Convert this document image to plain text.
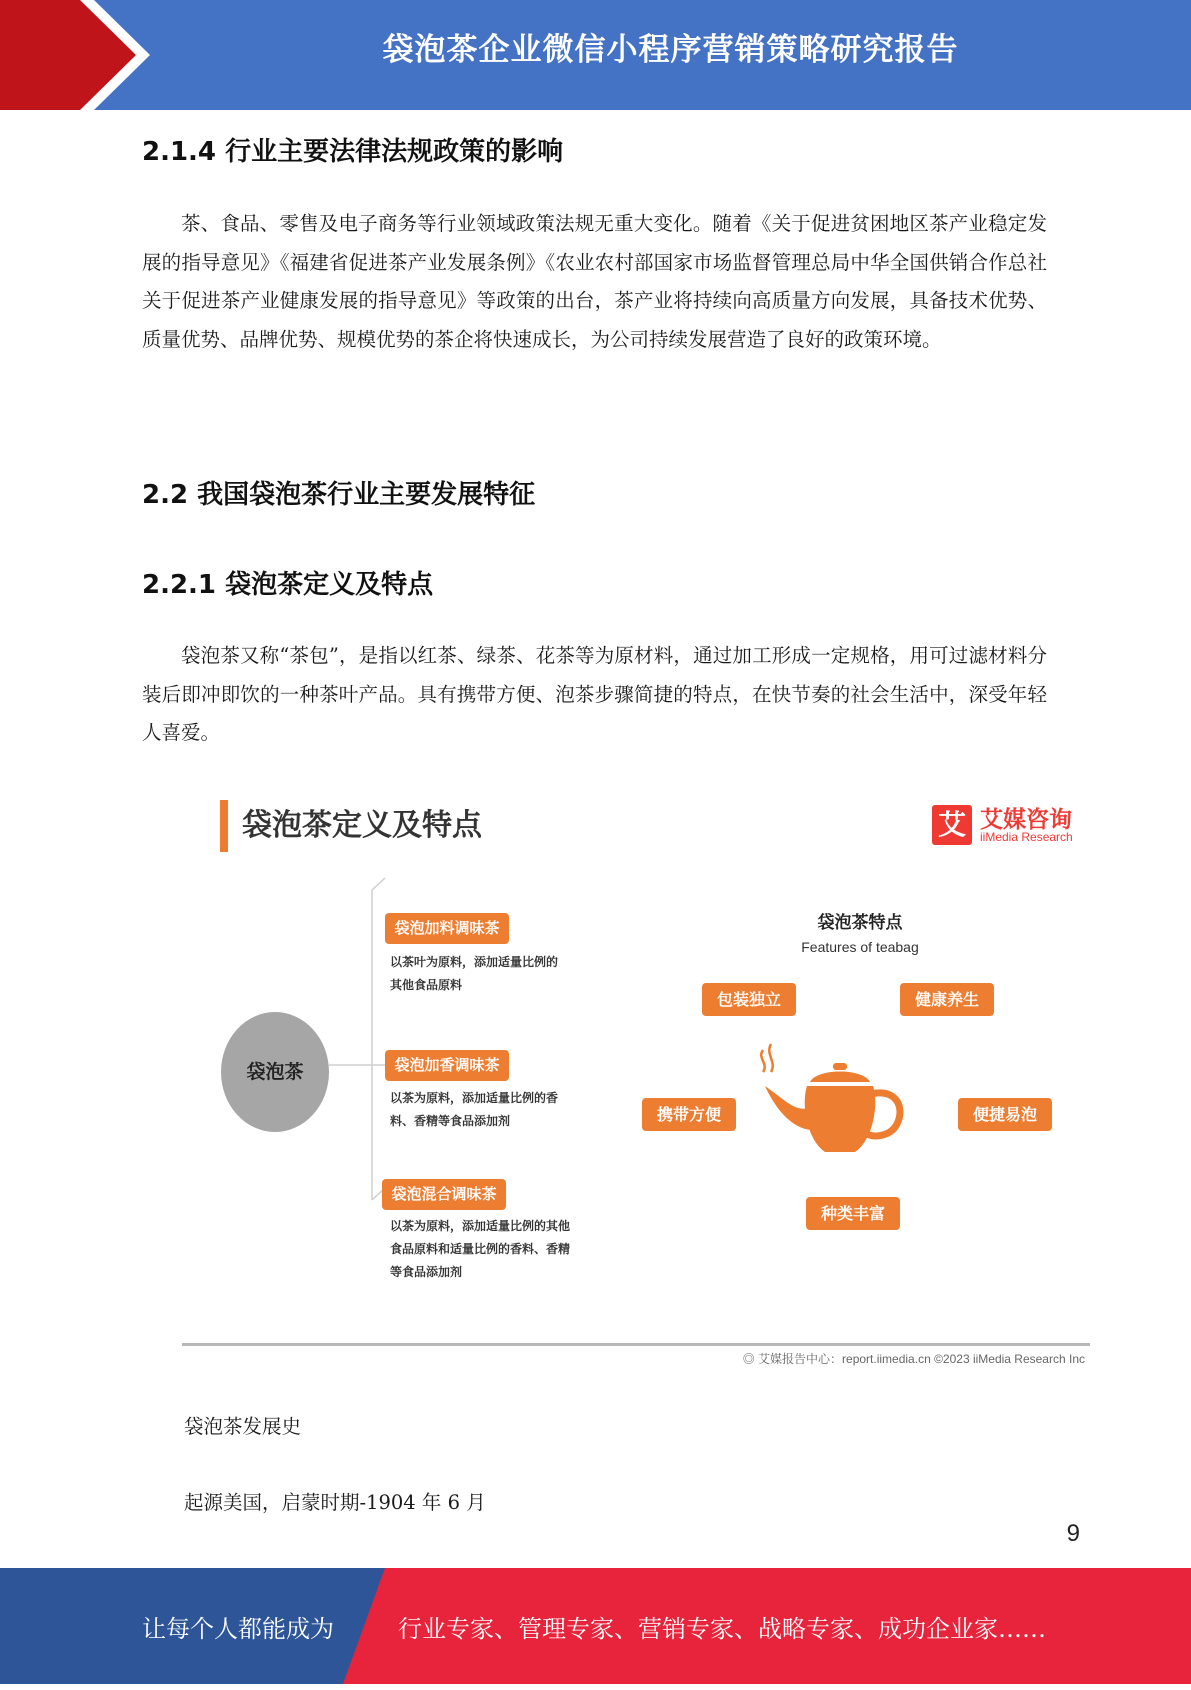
袋泡茶企业微信小程序营销策略研究报告
2.1.4 行业主要法律法规政策的影响
茶、食品、零售及电子商务等行业领域政策法规无重大变化。随着《关于促进贫困地区茶产业稳定发展的指导意见》《福建省促进茶产业发展条例》《农业农村部国家市场监督管理总局中华全国供销合作总社关于促进茶产业健康发展的指导意见》等政策的出台，茶产业将持续向高质量方向发展，具备技术优势、质量优势、品牌优势、规模优势的茶企将快速成长，为公司持续发展营造了良好的政策环境。
2.2 我国袋泡茶行业主要发展特征
2.2.1 袋泡茶定义及特点
袋泡茶又称“茶包”，是指以红茶、绿茶、花茶等为原材料，通过加工形成一定规格，用可过滤材料分装后即冲即饮的一种茶叶产品。具有携带方便、泡茶步骤简捷的特点，在快节奏的社会生活中，深受年轻人喜爱。
袋泡茶定义及特点	艾 艾媒咨询
iiMedia Research
袋泡茶
袋泡加料调味茶
以茶叶为原料，添加适量比例的
其他食品原料
袋泡加香调味茶
以茶为原料，添加适量比例的香
料、香精等食品添加剂
袋泡混合调味茶
以茶为原料，添加适量比例的其他
食品原料和适量比例的香料、香精
等食品添加剂
袋泡茶特点
Features of teabag
包装独立	健康养生
携带方便	便捷易泡
种类丰富
◎ 艾媒报告中心：report.iimedia.cn ©2023 iiMedia Research Inc
袋泡茶发展史
起源美国，启蒙时期-1904 年 6 月
9
让每个人都能成为	行业专家、管理专家、营销专家、战略专家、成功企业家……
